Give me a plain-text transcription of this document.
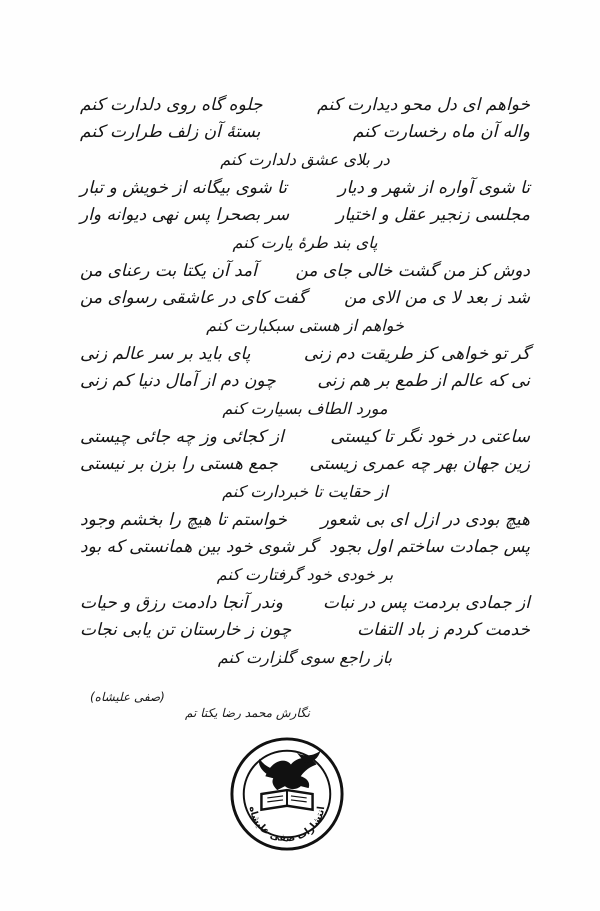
خواهم ای دل محو دیدارت کنم
جلوه گاه روی دلدارت کنم
واله آن ماه رخسارت کنم
بستهٔ آن زلف طرارت کنم
در بلای عشق دلدارت کنم
تا شوی آواره از شهر و دیار
تا شوی بیگانه از خویش و تبار
مجلسی زنجیر عقل و اختیار
سر بصحرا پس نهی دیوانه وار
پای بند طرهٔ یارت کنم
دوش کز من گشت خالی جای من
آمد آن یکتا بت رعنای من
شد ز بعد لا ی من الای من
گفت کای در عاشقی رسوای من
خواهم از هستی سبکبارت کنم
گر تو خواهی کز طریقت دم زنی
پای باید بر سر عالم زنی
نی که عالم از طمع بر هم زنی
چون دم از آمال دنیا کم زنی
مورد الطاف بسیارت کنم
ساعتی در خود نگر تا کیستی
از کجائی وز چه جائی چیستی
زین جهان بهر چه عمری زیستی
جمع هستی را بزن بر نیستی
از حقایت تا خبردارت کنم
هیچ بودی در ازل ای بی شعور
خواستم تا هیچ را بخشم وجود
پس جمادت ساختم اول بجود
گر شوی خود بین همانستی که بود
بر خودی خود گرفتارت کنم
از جمادی بردمت پس در نبات
وندر آنجا دادمت رزق و حیات
خدمت کردم ز باد التفات
چون ز خارستان تن یابی نجات
باز راجع سوی گلزارت کنم
(صفی علیشاه)
نگارش محمد رضا یکتا تم
انتشارات صفی علیشاه
